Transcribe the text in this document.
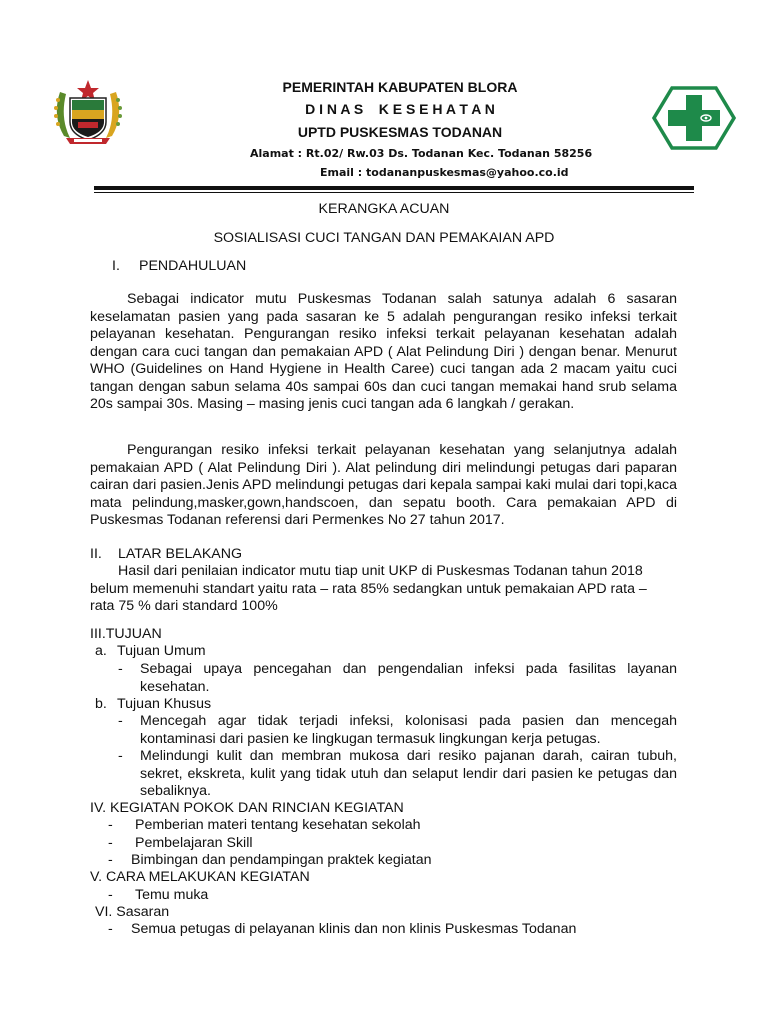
PEMERINTAH KABUPATEN BLORA
D I N A S    K E S E H A T A N
UPTD PUSKESMAS TODANAN
Alamat : Rt.02/ Rw.03 Ds. Todanan Kec. Todanan 58256
Email : todananpuskesmas@yahoo.co.id
KERANGKA ACUAN
SOSIALISASI CUCI TANGAN DAN PEMAKAIAN APD
I. PENDAHULUAN
Sebagai indicator mutu Puskesmas Todanan salah satunya adalah 6 sasaran keselamatan pasien yang pada sasaran ke 5 adalah pengurangan resiko infeksi terkait pelayanan kesehatan. Pengurangan resiko infeksi terkait pelayanan kesehatan adalah dengan cara cuci tangan dan pemakaian APD ( Alat Pelindung Diri ) dengan benar. Menurut WHO (Guidelines on Hand Hygiene in Health Caree) cuci tangan ada 2 macam yaitu cuci tangan dengan sabun selama 40s sampai 60s dan cuci tangan memakai hand srub selama 20s sampai 30s. Masing – masing jenis cuci tangan ada 6 langkah / gerakan.
Pengurangan resiko infeksi terkait pelayanan kesehatan yang selanjutnya adalah pemakaian APD ( Alat Pelindung Diri ). Alat pelindung diri melindungi petugas dari paparan cairan dari pasien.Jenis APD melindungi petugas dari kepala sampai kaki mulai dari topi,kaca mata pelindung,masker,gown,handscoen, dan sepatu booth. Cara pemakaian APD di Puskesmas Todanan referensi dari Permenkes No 27 tahun 2017.
II. LATAR BELAKANG
Hasil dari penilaian indicator mutu tiap unit UKP di Puskesmas Todanan tahun 2018 belum memenuhi standart yaitu rata – rata 85% sedangkan untuk pemakaian APD rata – rata 75 % dari standard 100%
III.TUJUAN
a. Tujuan Umum
- Sebagai upaya pencegahan dan pengendalian infeksi pada fasilitas layanan kesehatan.
b. Tujuan Khusus
- Mencegah agar tidak terjadi infeksi, kolonisasi pada pasien dan mencegah kontaminasi dari pasien ke lingkugan termasuk lingkungan kerja petugas.
- Melindungi kulit dan membran mukosa dari resiko pajanan darah, cairan tubuh, sekret, ekskreta, kulit yang tidak utuh dan selaput lendir dari pasien ke petugas dan sebaliknya.
IV. KEGIATAN POKOK DAN RINCIAN KEGIATAN
- Pemberian materi tentang kesehatan sekolah
- Pembelajaran Skill
- Bimbingan dan pendampingan praktek kegiatan
V. CARA MELAKUKAN KEGIATAN
- Temu muka
VI. Sasaran
- Semua petugas di pelayanan klinis dan non klinis Puskesmas Todanan
